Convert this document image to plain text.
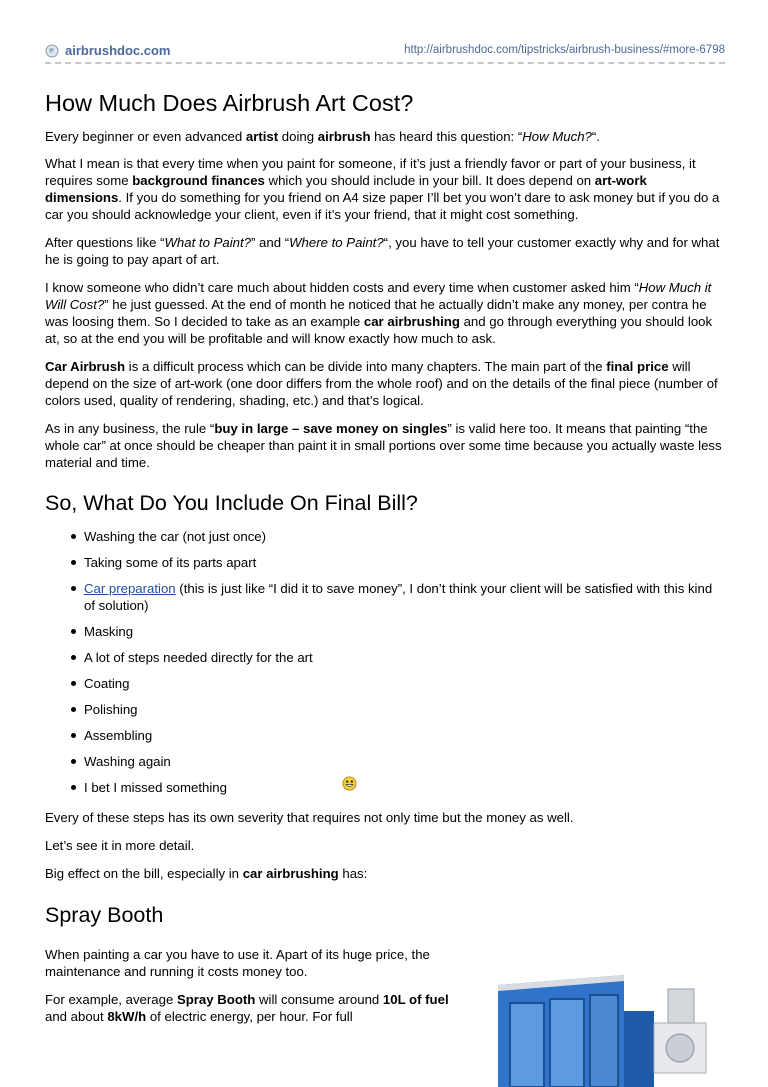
airbrushdoc.com	http://airbrushdoc.com/tipstricks/airbrush-business/#more-6798
How Much Does Airbrush Art Cost?

Every beginner or even advanced artist doing airbrush has heard this question: “How Much?“.

What I mean is that every time when you paint for someone, if it’s just a friendly favor or part of your business, it requires some background finances which you should include in your bill. It does depend on art-work dimensions. If you do something for you friend on A4 size paper I’ll bet you won’t dare to ask money but if you do a car you should acknowledge your client, even if it’s your friend, that it might cost something.

After questions like “What to Paint?” and “Where to Paint?“, you have to tell your customer exactly why and for what he is going to pay apart of art.

I know someone who didn’t care much about hidden costs and every time when customer asked him “How Much it Will Cost?” he just guessed. At the end of month he noticed that he actually didn’t make any money, per contra he was loosing them. So I decided to take as an example car airbrushing and go through everything you should look at, so at the end you will be profitable and will know exactly how much to ask.

Car Airbrush is a difficult process which can be divide into many chapters. The main part of the final price will depend on the size of art-work (one door differs from the whole roof) and on the details of the final piece (number of colors used, quality of rendering, shading, etc.) and that’s logical.

As in any business, the rule “buy in large – save money on singles” is valid here too. It means that painting “the whole car” at once should be cheaper than paint it in small portions over some time because you actually waste less material and time.

So, What Do You Include On Final Bill?
Washing the car (not just once)
Taking some of its parts apart
Car preparation (this is just like “I did it to save money”, I don’t think your client will be satisfied with this kind of solution)
Masking
A lot of steps needed directly for the art
Coating
Polishing
Assembling
Washing again
I bet I missed something

Every of these steps has its own severity that requires not only time but the money as well.

Let’s see it in more detail.

Big effect on the bill, especially in car airbrushing has:

Spray Booth

When painting a car you have to use it. Apart of its huge price, the maintenance and running it costs money too.

For example, average Spray Booth will consume around 10L of fuel and about 8kW/h of electric energy, per hour. For full
